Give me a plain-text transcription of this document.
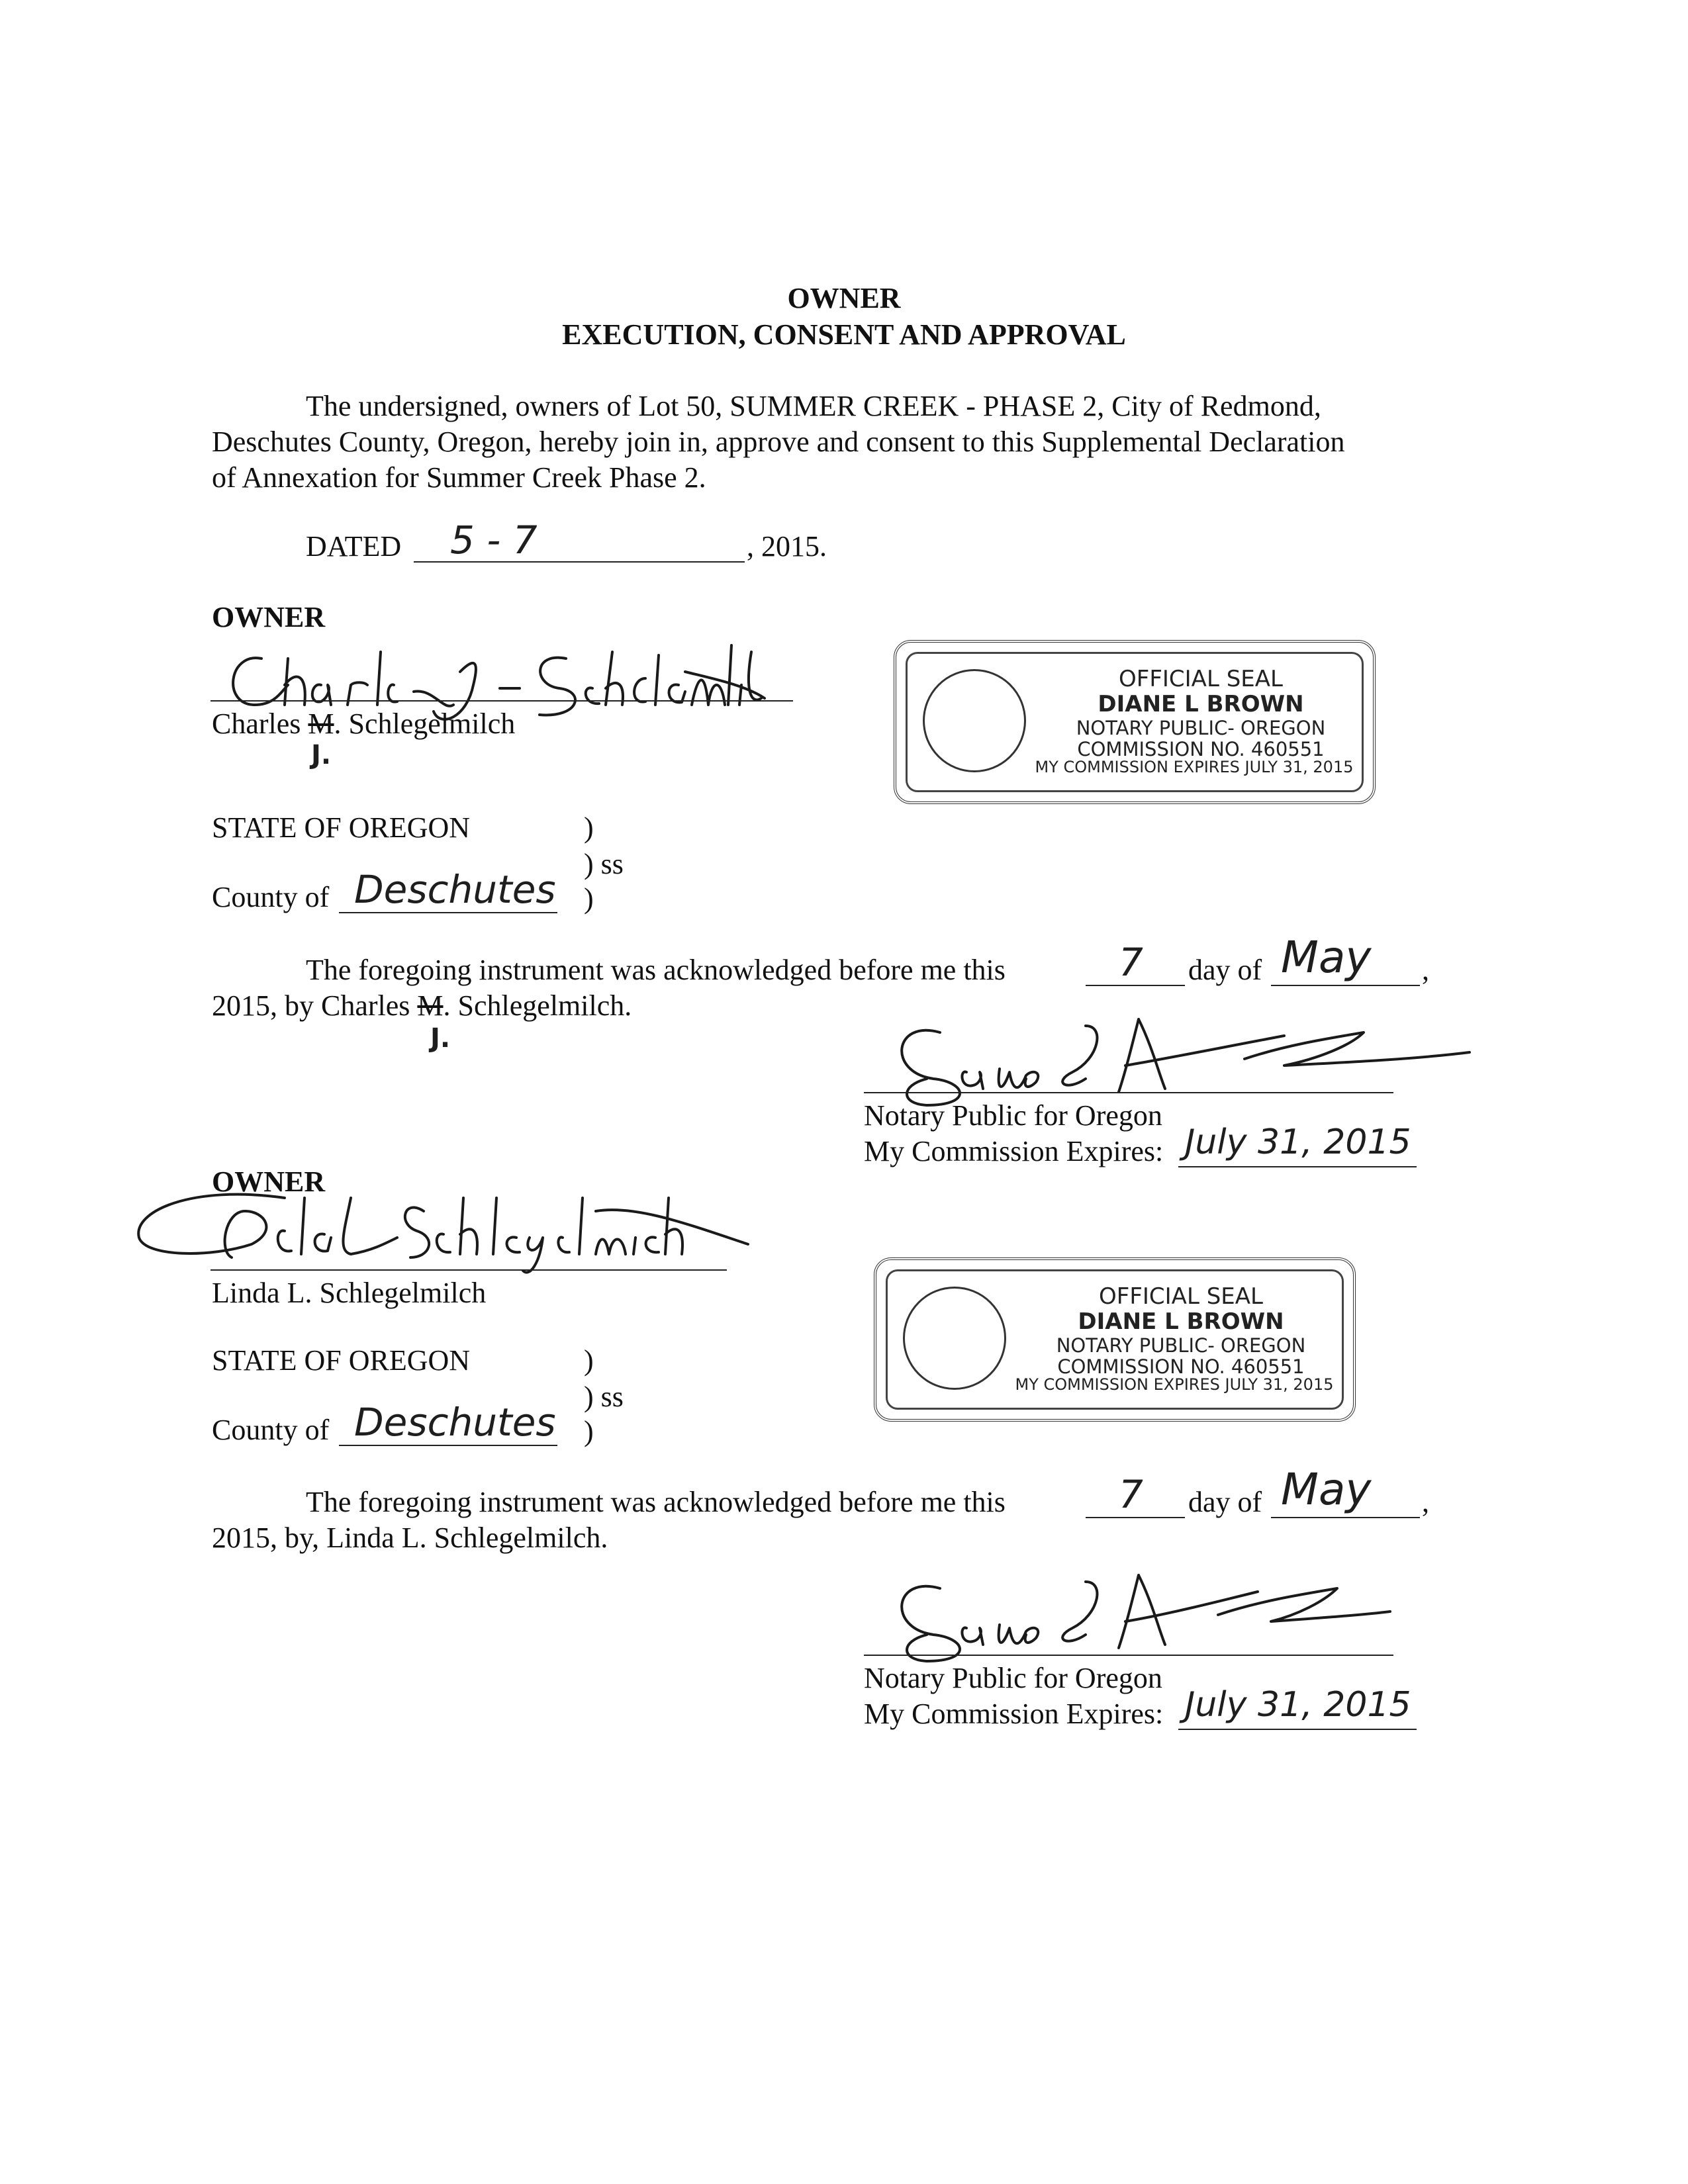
OWNER
EXECUTION, CONSENT AND APPROVAL
The undersigned, owners of Lot 50, SUMMER CREEK - PHASE 2, City of Redmond,
Deschutes County, Oregon, hereby join in, approve and consent to this Supplemental Declaration
of Annexation for Summer Creek Phase 2.
DATED 5 - 7	, 2015.
OWNER
Charles M. Schlegelmilch
J.
OFFICIAL SEAL
DIANE L BROWN
NOTARY PUBLIC- OREGON
COMMISSION NO. 460551
MY COMMISSION EXPIRES JULY 31, 2015
STATE OF OREGON	)
) ss
County of Deschutes )
The foregoing instrument was acknowledged before me this	7 day of May ,
2015, by Charles M. Schlegelmilch.
J.
Notary Public for Oregon
My Commission Expires: July 31, 2015
OWNER
Linda L. Schlegelmilch	OFFICIAL SEAL
DIANE L BROWN
NOTARY PUBLIC- OREGON
COMMISSION NO. 460551
MY COMMISSION EXPIRES JULY 31, 2015
STATE OF OREGON	)
) ss
County of Deschutes )
The foregoing instrument was acknowledged before me this	7 day of May ,
2015, by, Linda L. Schlegelmilch.
Notary Public for Oregon
My Commission Expires: July 31, 2015
